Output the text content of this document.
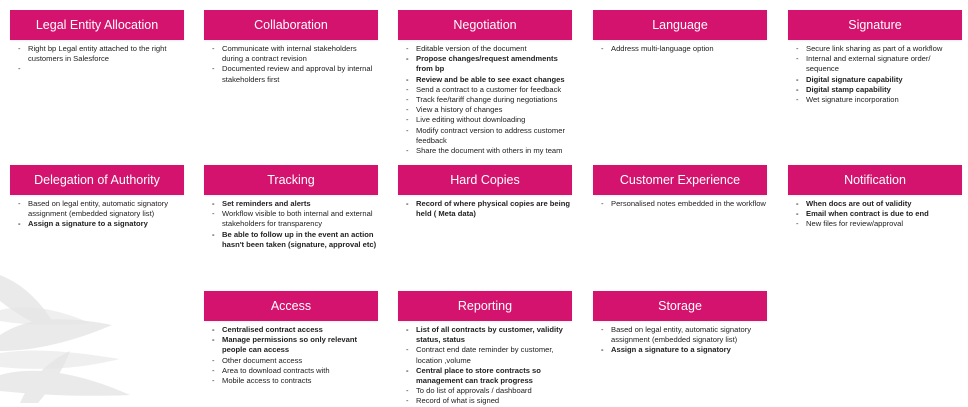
Legal Entity Allocation
- Right bp Legal entity attached to the right customers in Salesforce
Collaboration
- Communicate with internal stakeholders during a contract revision
- Documented review and approval by internal stakeholders first
Negotiation
- Editable version of the document
- Propose changes/request amendments from bp
- Review and be able to see exact changes
- Send a contract to a customer for feedback
- Track fee/tariff change during negotiations
- View a history of changes
- Live editing without downloading
- Modify contract version to address customer feedback
- Share the document with others in my team
Language
- Address multi-language option
Signature
- Secure link sharing as part of a workflow
- Internal and external signature order/ sequence
- Digital signature capability
- Digital stamp capability
- Wet signature incorporation
Delegation of Authority
- Based on legal entity, automatic signatory assignment (embedded signatory list)
- Assign a signature to a signatory
Tracking
- Set reminders and alerts
- Workflow visible to both internal and external stakeholders for transparency
- Be able to follow up in the event an action hasn't been taken (signature, approval etc)
Hard Copies
- Record of where physical copies are being held ( Meta data)
Customer Experience
- Personalised notes embedded in the workflow
Notification
- When docs are out of validity
- Email when contract is due to end
- New files for review/approval
Access
- Centralised contract access
- Manage permissions so only relevant people can access
- Other document access
- Area to download contracts with
- Mobile access to contracts
Reporting
- List of all contracts by customer, validity status, status
- Contract end date reminder by customer, location ,volume
- Central place to store contracts so management can track progress
- To do list of approvals / dashboard
- Record of what is signed
Storage
- Based on legal entity, automatic signatory assignment (embedded signatory list)
- Assign a signature to a signatory
